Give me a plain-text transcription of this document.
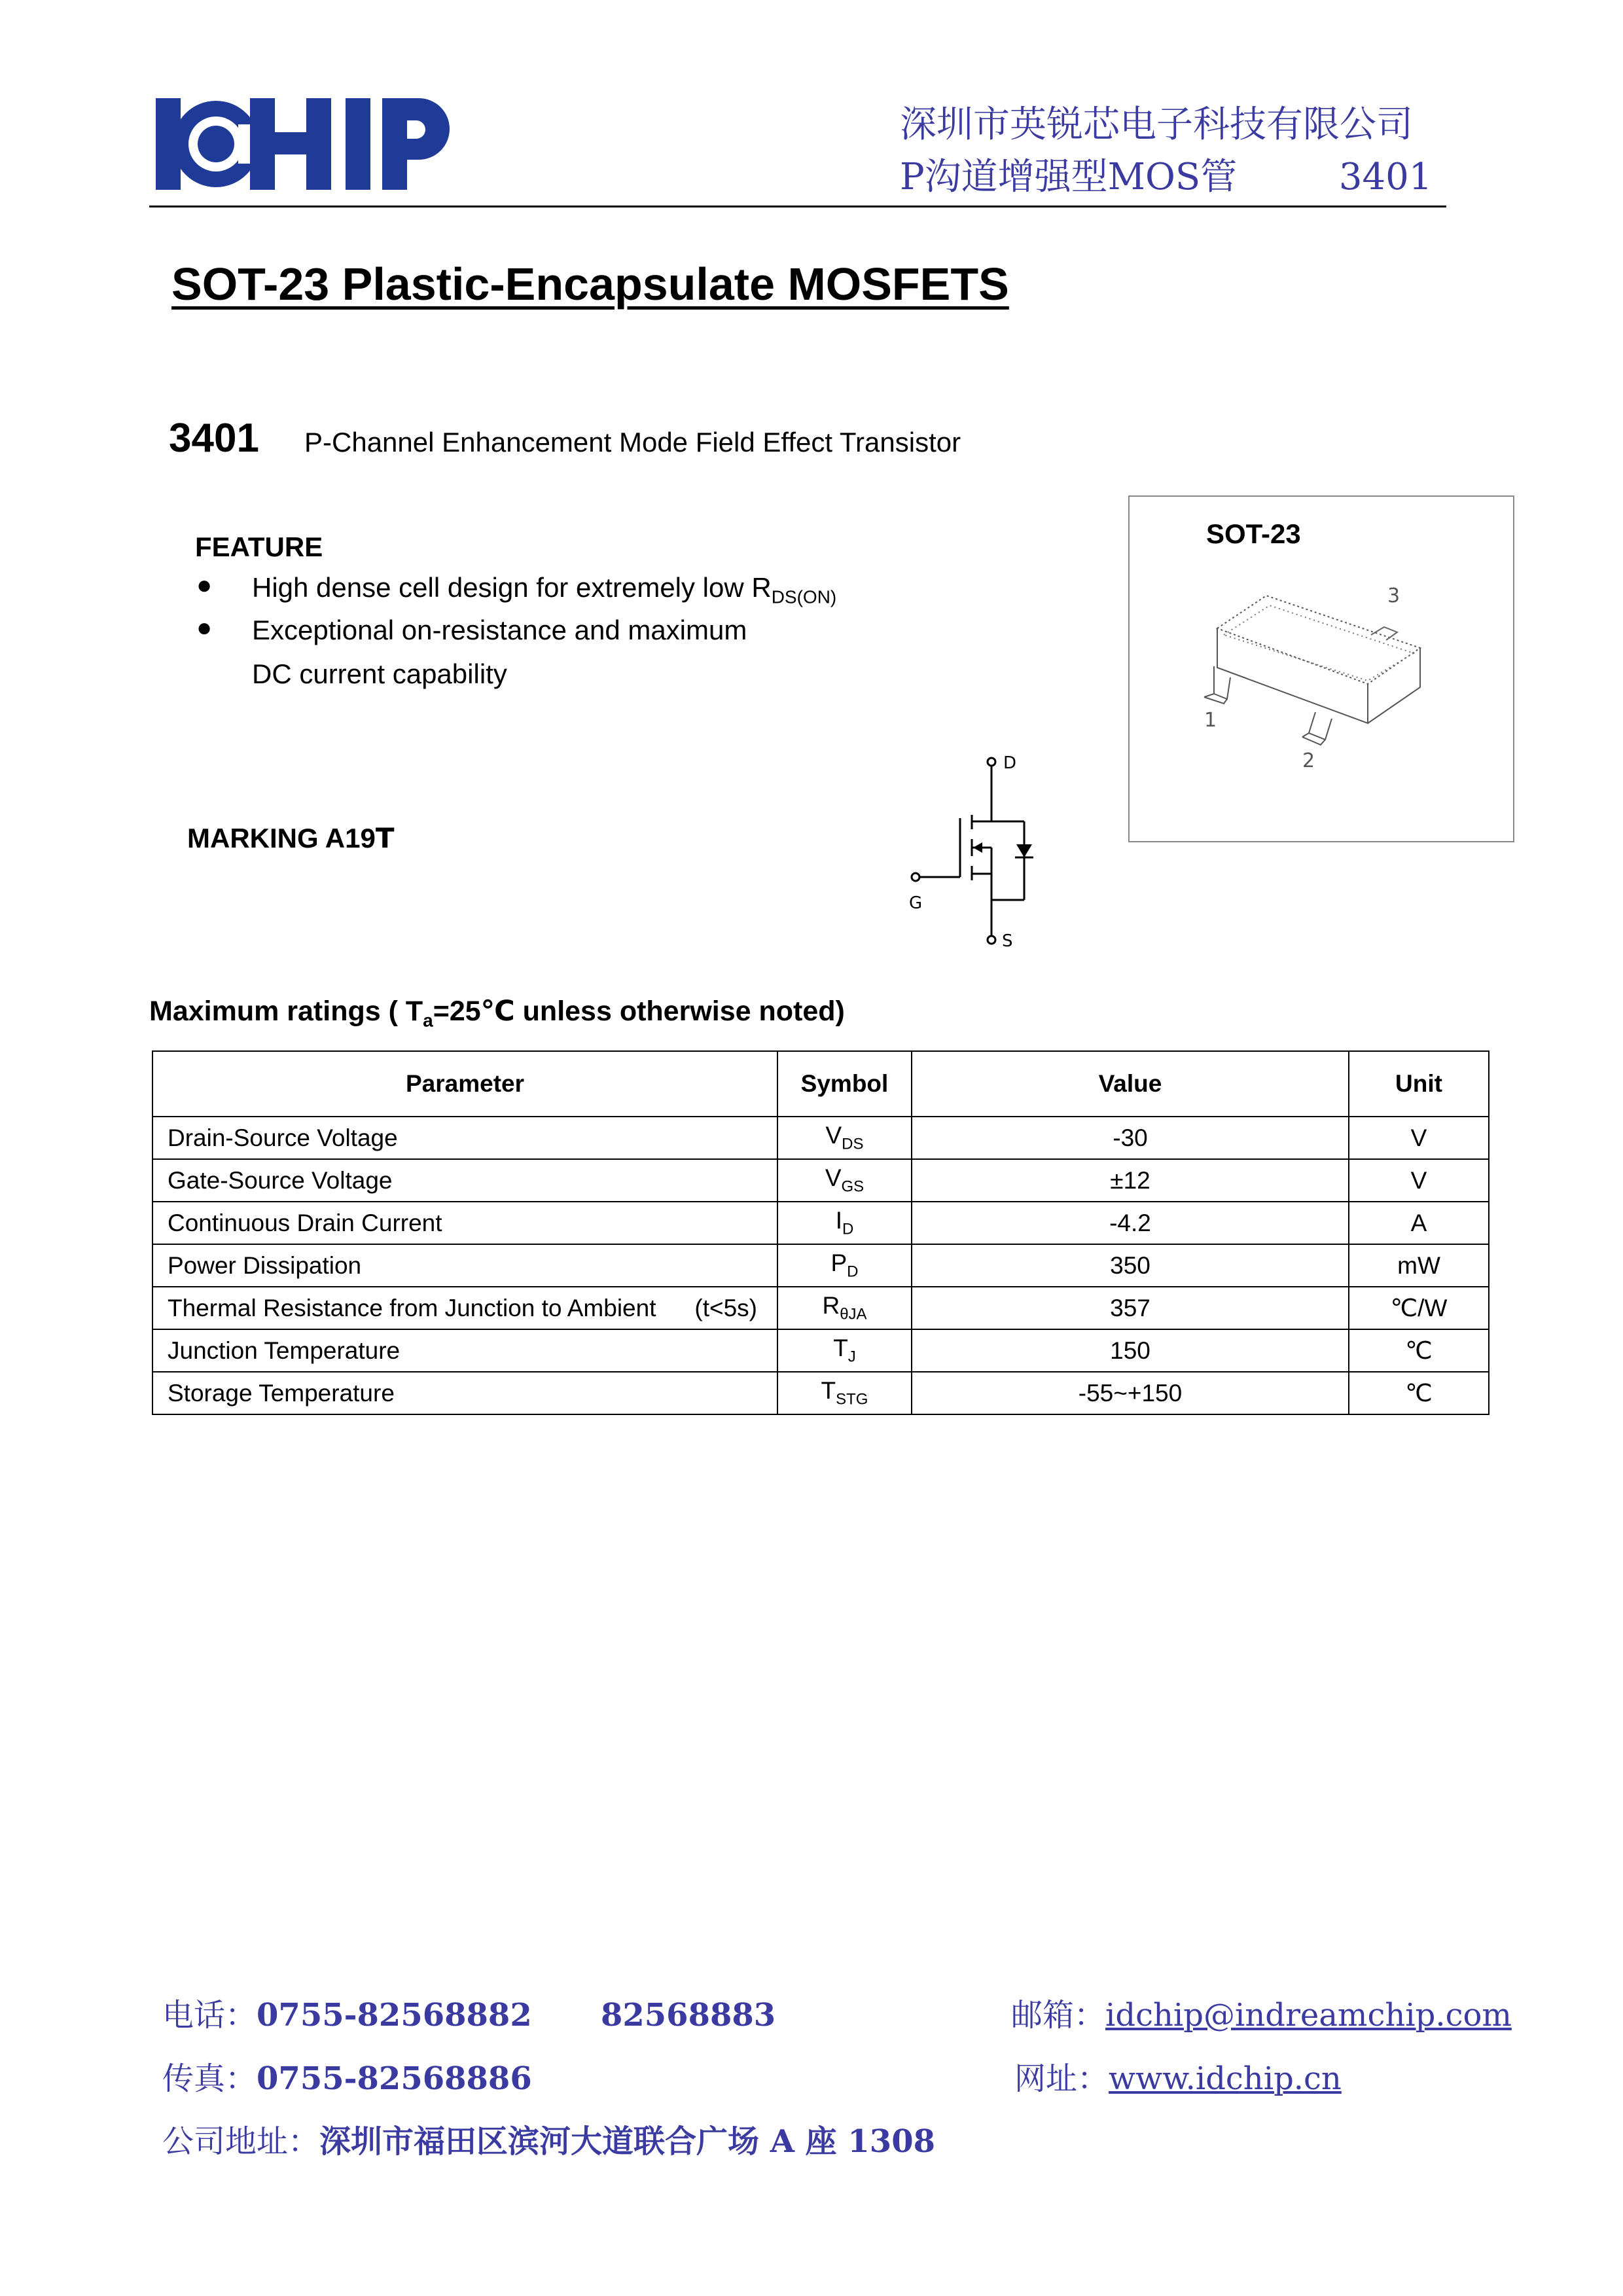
ICHIP
深圳市英锐芯电子科技有限公司
P沟道增强型MOS管	3401
SOT-23 Plastic-Encapsulate MOSFETS
3401 P-Channel Enhancement Mode Field Effect Transistor
FEATURE
● High dense cell design for extremely low $R_{DS(ON)}$
● Exceptional on-resistance and maximum
DC current capability
MARKING A19T
SOT-23
3
1
2
D
G
S
Maximum ratings ( $T_a=25℃$ unless otherwise noted)
Parameter	Symbol	Value	Unit
Drain-Source Voltage	$V_{DS}$	-30	V
Gate-Source Voltage	$V_{GS}$	±12	V
Continuous Drain Current	$I_D$	-4.2	A
Power Dissipation	$P_D$	350	mW
Thermal Resistance from Junction to Ambient (t<5s)	$R_{\theta JA}$	357	℃/W
Junction Temperature	$T_J$	150	℃
Storage Temperature	$T_{STG}$	-55~+150	℃
电话：0755-82568882 82568883	邮箱：idchip@indreamchip.com
传真：0755-82568886	网址：www.idchip.cn
公司地址：深圳市福田区滨河大道联合广场 A 座 1308
